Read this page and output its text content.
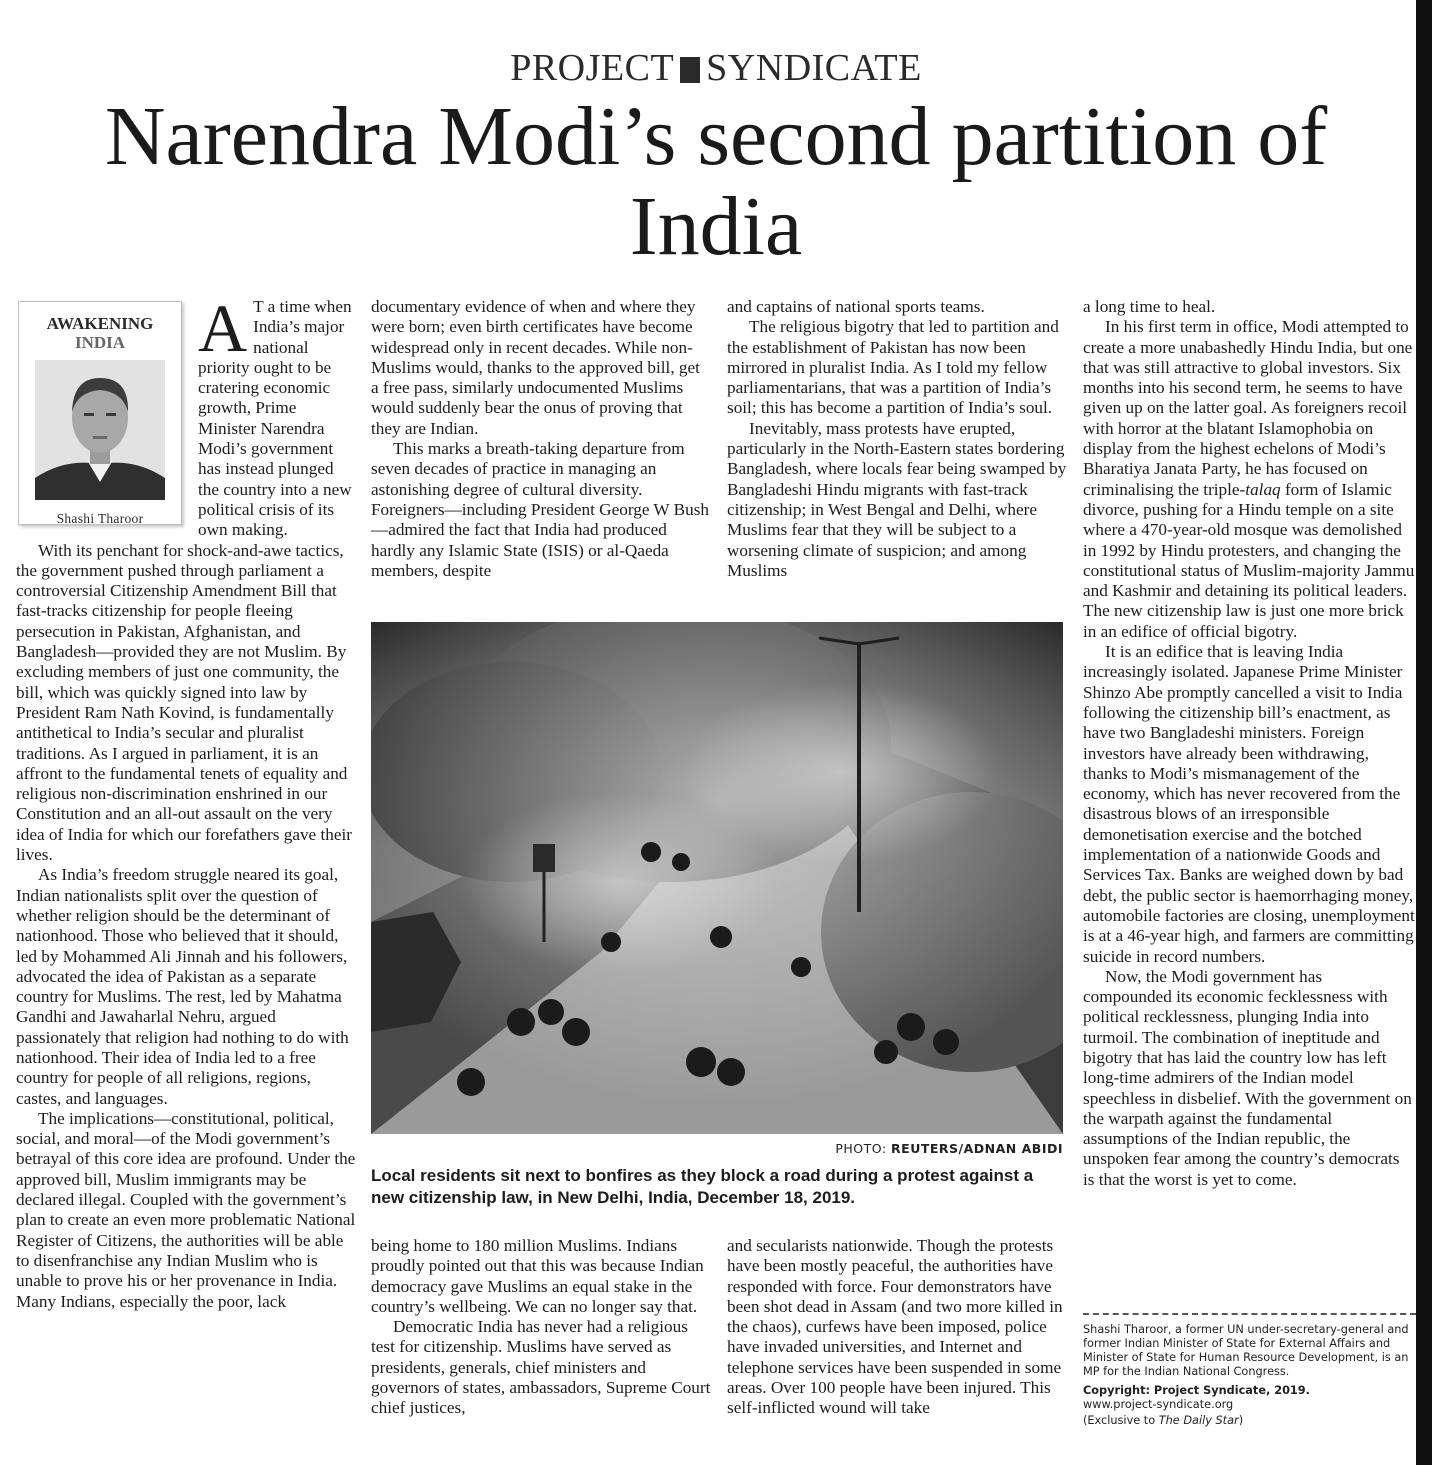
PROJECT SYNDICATE
Narendra Modi’s second partition of India
AWAKENING
INDIA
Shashi Tharoor
A T a time when India’s major national priority ought to be cratering economic growth, Prime Minister Narendra Modi’s government has instead plunged the country into a new political crisis of its own making.

With its penchant for shock-and-awe tactics, the government pushed through parliament a controversial Citizenship Amendment Bill that fast-tracks citizenship for people fleeing persecution in Pakistan, Afghanistan, and Bangladesh—provided they are not Muslim. By excluding members of just one community, the bill, which was quickly signed into law by President Ram Nath Kovind, is fundamentally antithetical to India’s secular and pluralist traditions. As I argued in parliament, it is an affront to the fundamental tenets of equality and religious non-discrimination enshrined in our Constitution and an all-out assault on the very idea of India for which our forefathers gave their lives.

As India’s freedom struggle neared its goal, Indian nationalists split over the question of whether religion should be the determinant of nationhood. Those who believed that it should, led by Mohammed Ali Jinnah and his followers, advocated the idea of Pakistan as a separate country for Muslims. The rest, led by Mahatma Gandhi and Jawaharlal Nehru, argued passionately that religion had nothing to do with nationhood. Their idea of India led to a free country for people of all religions, regions, castes, and languages.

The implications—constitutional, political, social, and moral—of the Modi government’s betrayal of this core idea are profound. Under the approved bill, Muslim immigrants may be declared illegal. Coupled with the government’s plan to create an even more problematic National Register of Citizens, the authorities will be able to disenfranchise any Indian Muslim who is unable to prove his or her provenance in India. Many Indians, especially the poor, lack

documentary evidence of when and where they were born; even birth certificates have become widespread only in recent decades. While non-Muslims would, thanks to the approved bill, get a free pass, similarly undocumented Muslims would suddenly bear the onus of proving that they are Indian.

This marks a breath-taking departure from seven decades of practice in managing an astonishing degree of cultural diversity. Foreigners—including President George W Bush—admired the fact that India had produced hardly any Islamic State (ISIS) or al-Qaeda members, despite

and captains of national sports teams.

The religious bigotry that led to partition and the establishment of Pakistan has now been mirrored in pluralist India. As I told my fellow parliamentarians, that was a partition of India’s soil; this has become a partition of India’s soul.

Inevitably, mass protests have erupted, particularly in the North-Eastern states bordering Bangladesh, where locals fear being swamped by Bangladeshi Hindu migrants with fast-track citizenship; in West Bengal and Delhi, where Muslims fear that they will be subject to a worsening climate of suspicion; and among Muslims

PHOTO: REUTERS/ADNAN ABIDI
Local residents sit next to bonfires as they block a road during a protest against a new citizenship law, in New Delhi, India, December 18, 2019.

being home to 180 million Muslims. Indians proudly pointed out that this was because Indian democracy gave Muslims an equal stake in the country’s wellbeing. We can no longer say that.

Democratic India has never had a religious test for citizenship. Muslims have served as presidents, generals, chief ministers and governors of states, ambassadors, Supreme Court chief justices,

and secularists nationwide. Though the protests have been mostly peaceful, the authorities have responded with force. Four demonstrators have been shot dead in Assam (and two more killed in the chaos), curfews have been imposed, police have invaded universities, and Internet and telephone services have been suspended in some areas. Over 100 people have been injured. This self-inflicted wound will take

a long time to heal.

In his first term in office, Modi attempted to create a more unabashedly Hindu India, but one that was still attractive to global investors. Six months into his second term, he seems to have given up on the latter goal. As foreigners recoil with horror at the blatant Islamophobia on display from the highest echelons of Modi’s Bharatiya Janata Party, he has focused on criminalising the triple-talaq form of Islamic divorce, pushing for a Hindu temple on a site where a 470-year-old mosque was demolished in 1992 by Hindu protesters, and changing the constitutional status of Muslim-majority Jammu and Kashmir and detaining its political leaders. The new citizenship law is just one more brick in an edifice of official bigotry.

It is an edifice that is leaving India increasingly isolated. Japanese Prime Minister Shinzo Abe promptly cancelled a visit to India following the citizenship bill’s enactment, as have two Bangladeshi ministers. Foreign investors have already been withdrawing, thanks to Modi’s mismanagement of the economy, which has never recovered from the disastrous blows of an irresponsible demonetisation exercise and the botched implementation of a nationwide Goods and Services Tax. Banks are weighed down by bad debt, the public sector is haemorrhaging money, automobile factories are closing, unemployment is at a 46-year high, and farmers are committing suicide in record numbers.

Now, the Modi government has compounded its economic fecklessness with political recklessness, plunging India into turmoil. The combination of ineptitude and bigotry that has laid the country low has left long-time admirers of the Indian model speechless in disbelief. With the government on the warpath against the fundamental assumptions of the Indian republic, the unspoken fear among the country’s democrats is that the worst is yet to come.

Shashi Tharoor, a former UN under-secretary-general and former Indian Minister of State for External Affairs and Minister of State for Human Resource Development, is an MP for the Indian National Congress.

Copyright: Project Syndicate, 2019.

www.project-syndicate.org

(Exclusive to The Daily Star)
